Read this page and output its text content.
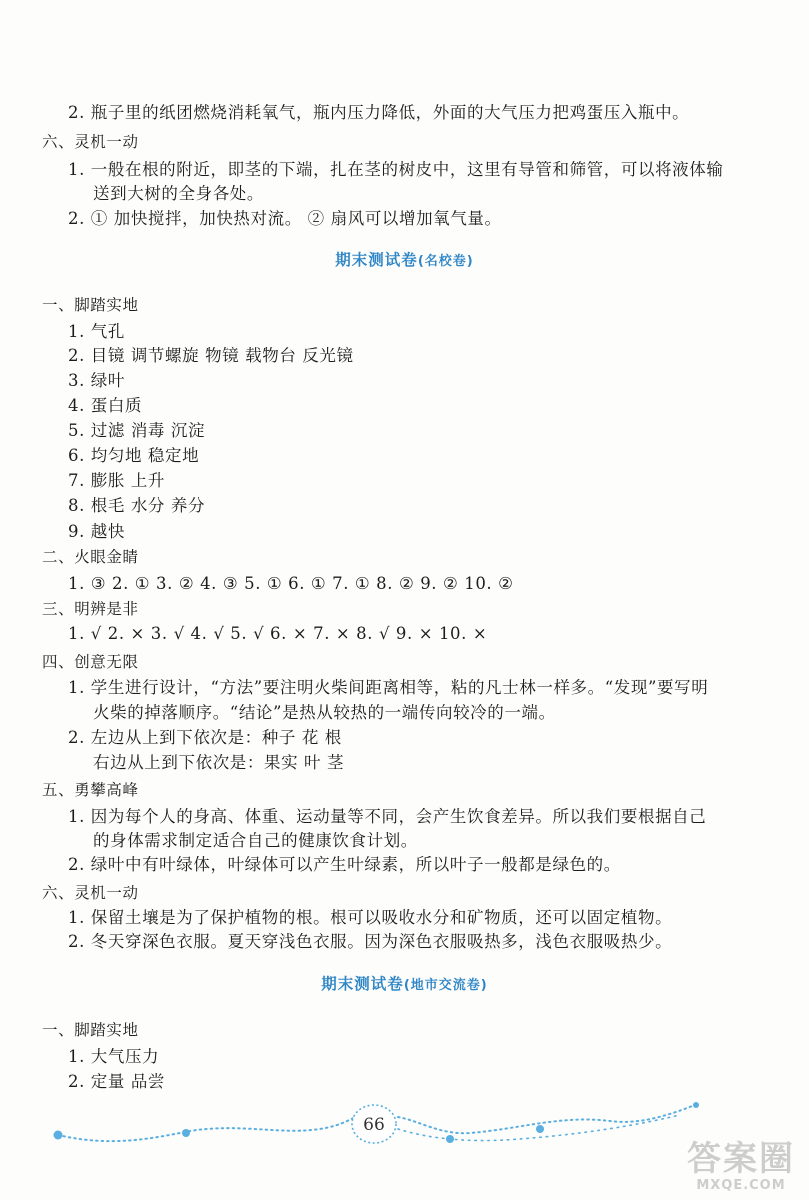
2. 瓶子里的纸团燃烧消耗氧气，瓶内压力降低，外面的大气压力把鸡蛋压入瓶中。
六、灵机一动
1. 一般在根的附近，即茎的下端，扎在茎的树皮中，这里有导管和筛管，可以将液体输
送到大树的全身各处。
2. ① 加快搅拌，加快热对流。 ② 扇风可以增加氧气量。
期末测试卷(名校卷)
一、脚踏实地
1. 气孔
2. 目镜 调节螺旋 物镜 载物台 反光镜
3. 绿叶
4. 蛋白质
5. 过滤 消毒 沉淀
6. 均匀地 稳定地
7. 膨胀 上升
8. 根毛 水分 养分
9. 越快
二、火眼金睛
1. ③ 2. ① 3. ② 4. ③ 5. ① 6. ① 7. ① 8. ② 9. ② 10. ②
三、明辨是非
1. √ 2. × 3. √ 4. √ 5. √ 6. × 7. × 8. √ 9. × 10. ×
四、创意无限
1. 学生进行设计，“方法”要注明火柴间距离相等，粘的凡士林一样多。“发现”要写明
火柴的掉落顺序。“结论”是热从较热的一端传向较冷的一端。
2. 左边从上到下依次是：种子 花 根
右边从上到下依次是：果实 叶 茎
五、勇攀高峰
1. 因为每个人的身高、体重、运动量等不同，会产生饮食差异。所以我们要根据自己
的身体需求制定适合自己的健康饮食计划。
2. 绿叶中有叶绿体，叶绿体可以产生叶绿素，所以叶子一般都是绿色的。
六、灵机一动
1. 保留土壤是为了保护植物的根。根可以吸收水分和矿物质，还可以固定植物。
2. 冬天穿深色衣服。夏天穿浅色衣服。因为深色衣服吸热多，浅色衣服吸热少。
期末测试卷(地市交流卷)
一、脚踏实地
1. 大气压力
2. 定量 品尝
66
答案圈
MXQE.COM
